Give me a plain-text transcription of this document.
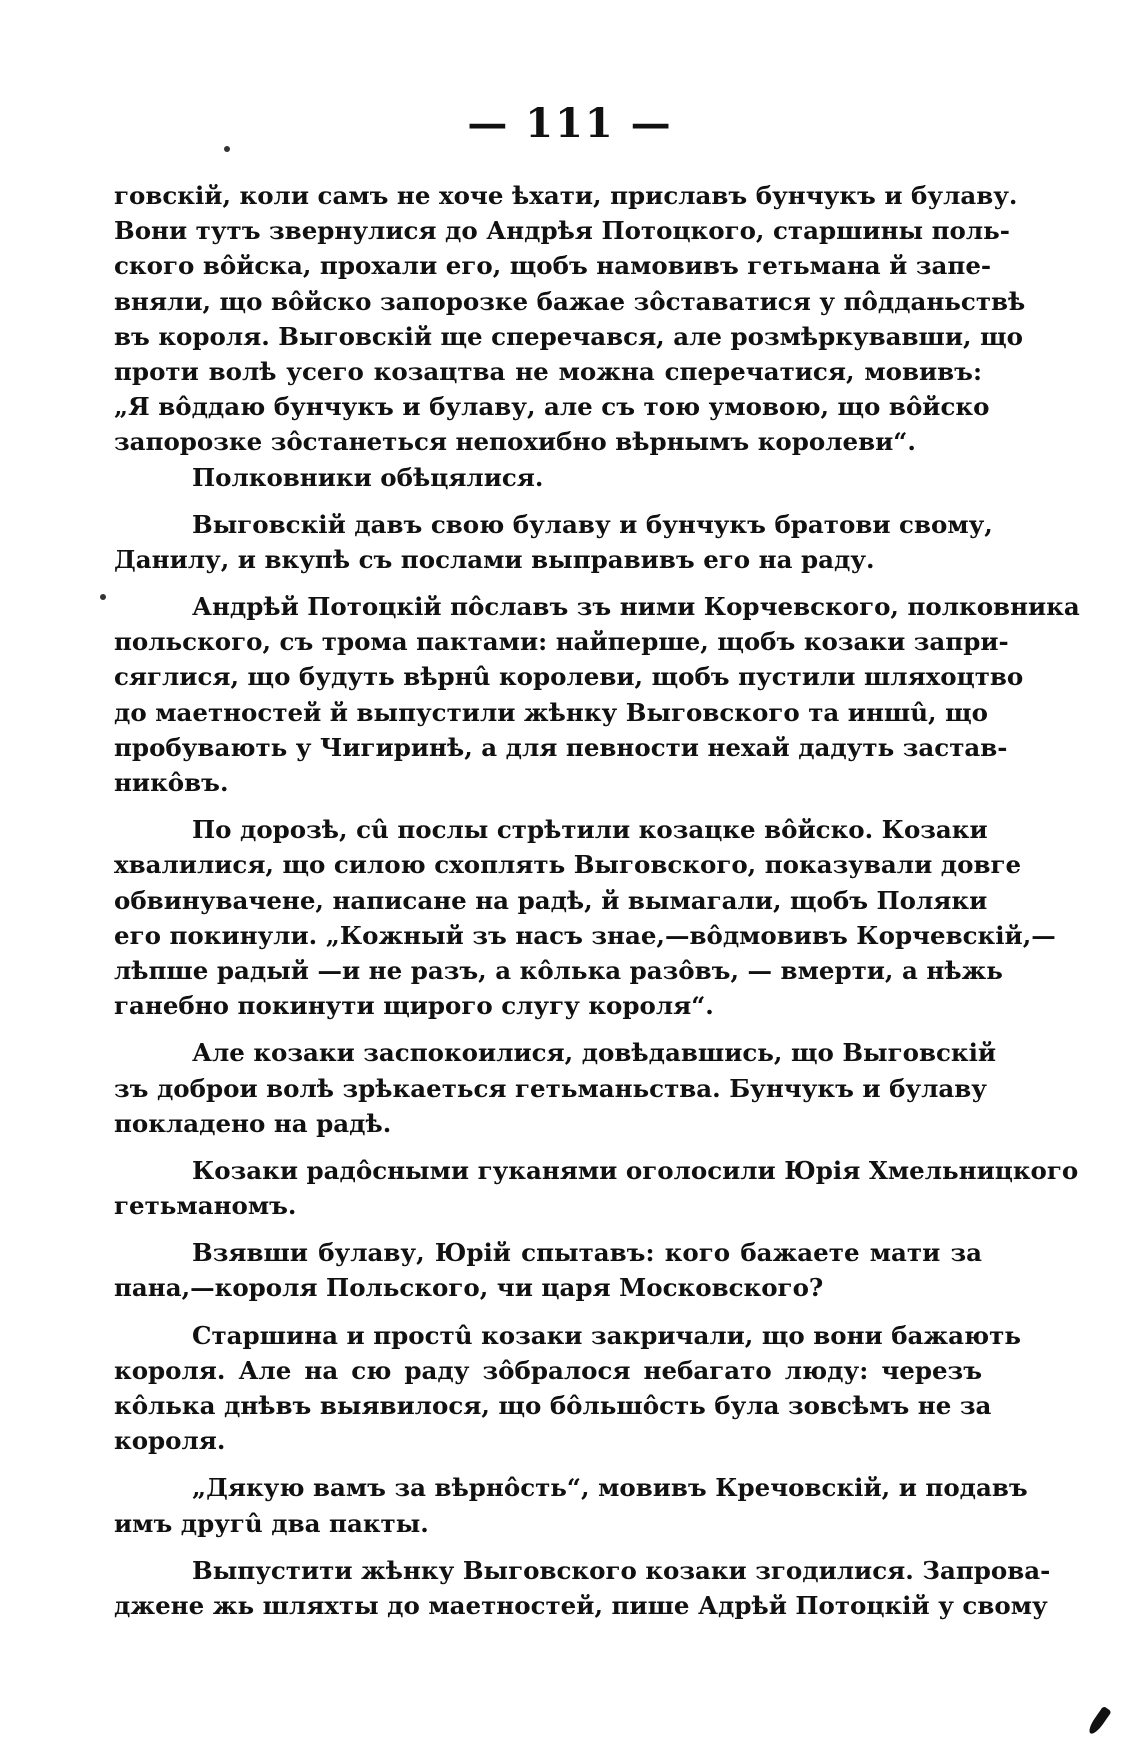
— 111 —
говскій, коли самъ не хоче ѣхати, приславъ бунчукъ и булаву.
Вони тутъ звернулися до Андрѣя Потоцкого, старшины поль-
ского вôйска, прохали его, щобъ намовивъ гетьмана й запе-
вняли, що вôйско запорозке бажае зôставатися у пôдданьствѣ
въ короля. Выговскій ще сперечався, але розмѣркувавши, що
проти волѣ усего козацтва не можна сперечатися, мовивъ:
„Я вôддаю бунчукъ и булаву, але съ тою умовою, що вôйско
запорозке зôстанеться непохибно вѣрнымъ королеви“.
Полковники обѣцялися.
Выговскій давъ свою булаву и бунчукъ братови свому,
Данилу, и вкупѣ съ послами выправивъ его на раду.
Андрѣй Потоцкій пôславъ зъ ними Корчевского, полковника
польского, съ трома пактами: найперше, щобъ козаки запри-
сяглися, що будуть вѣрнû королеви, щобъ пустили шляхоцтво
до маетностей й выпустили жѣнку Выговского та иншû, що
пробувають у Чигиринѣ, а для певности нехай дадуть застав-
никôвъ.
По дорозѣ, сû послы стрѣтили козацке вôйско. Козаки
хвалилися, що силою схоплять Выговского, показували довге
обвинувачене, написане на радѣ, й вымагали, щобъ Поляки
его покинули. „Кожный зъ насъ знае,—вôдмовивъ Корчевскій,—
лѣпше радый —и не разъ, а кôлька разôвъ, — вмерти, а нѣжь
ганебно покинути щирого слугу короля“.
Але козаки заспокоилися, довѣдавшись, що Выговскій
зъ доброи волѣ зрѣкаеться гетьманьства. Бунчукъ и булаву
покладено на радѣ.
Козаки радôсными гуканями оголосили Юрія Хмельницкого
гетьманомъ.
Взявши булаву, Юрій спытавъ: кого бажаете мати за
пана,—короля Польского, чи царя Московского?
Старшина и простû козаки закричали, що вони бажають
короля. Але на сю раду зôбралося небагато люду: черезъ
кôлька днѣвъ выявилося, що бôльшôсть була зовсѣмъ не за
короля.
„Дякую вамъ за вѣрнôсть“, мовивъ Кречовскій, и подавъ
имъ другû два пакты.
Выпустити жѣнку Выговского козаки згодилися. Запрова-
джене жь шляхты до маетностей, пише Адрѣй Потоцкій у свому
